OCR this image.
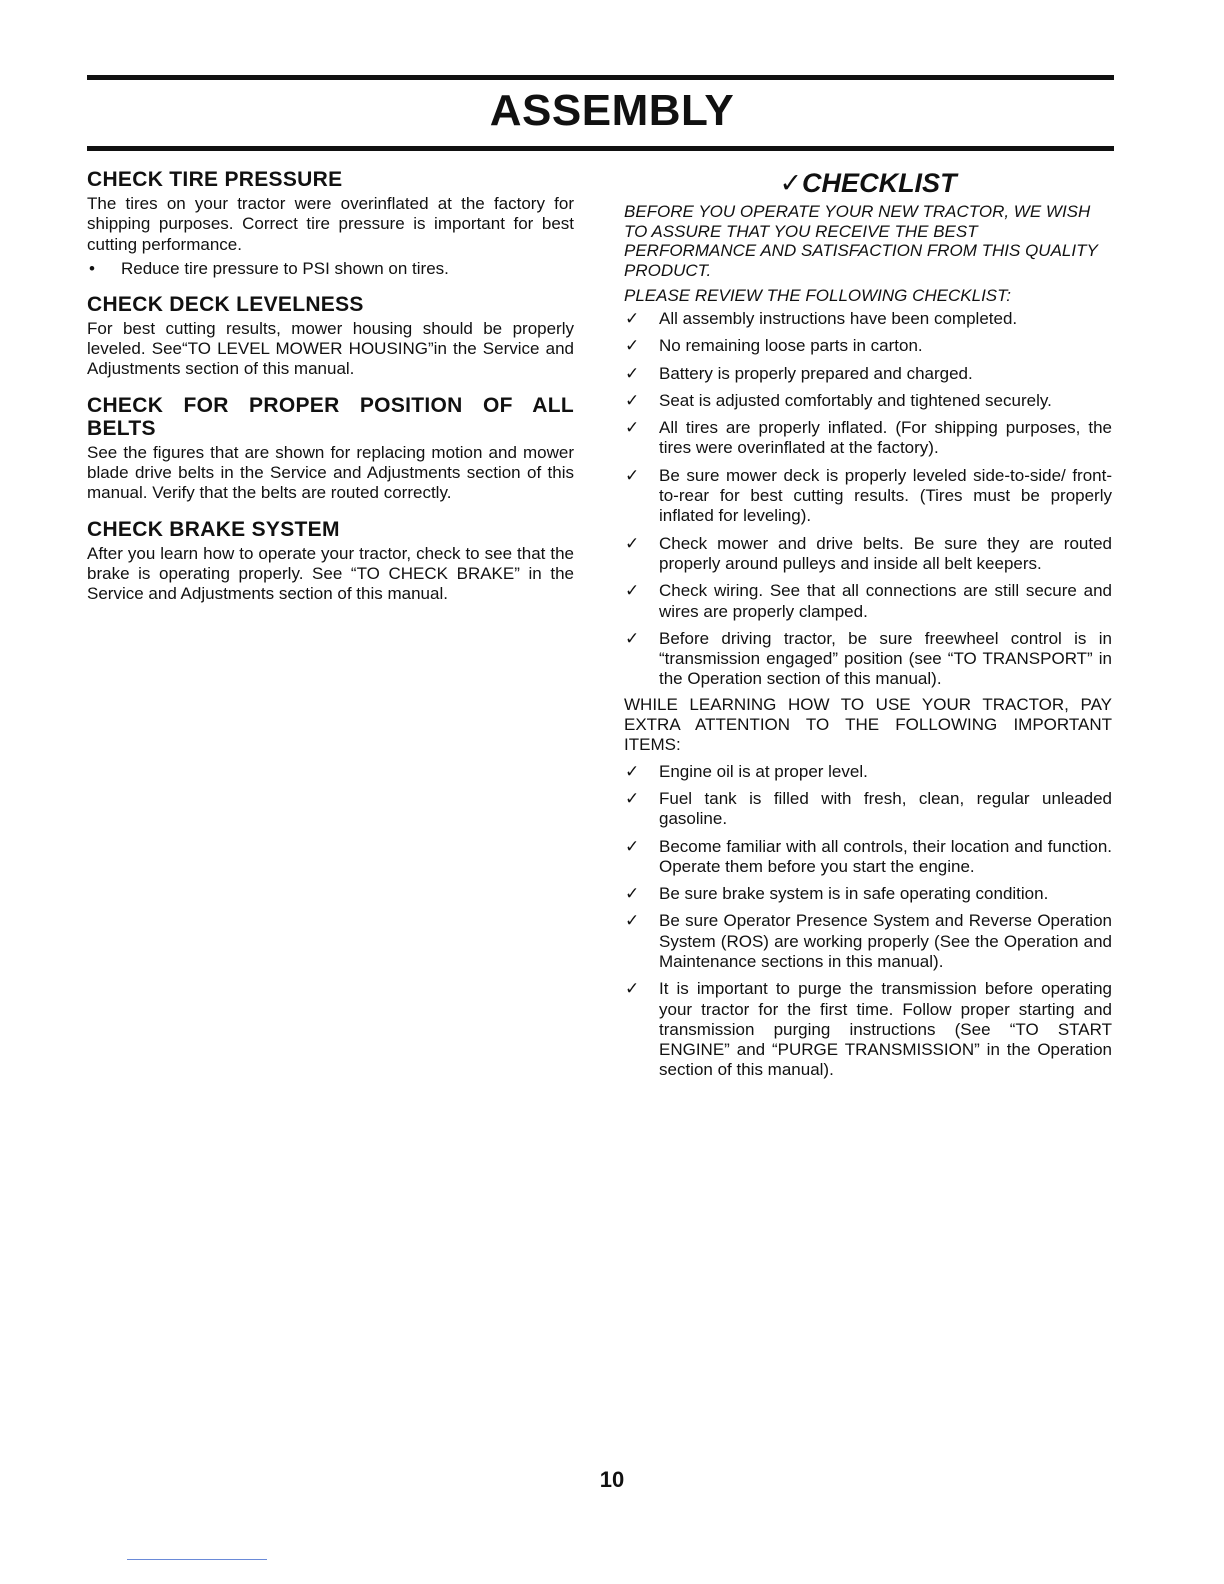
ASSEMBLY
CHECK TIRE PRESSURE

The tires on your tractor were overinflated at the factory for shipping purposes. Correct tire pressure is important for best cutting performance.

•	Reduce tire pressure to PSI shown on tires.
CHECK DECK LEVELNESS

For best cutting results, mower housing should be properly leveled. See“TO LEVEL MOWER HOUSING”in the Service and Adjustments section of this manual.

CHECK FOR PROPER POSITION OF ALL BELTS

See the figures that are shown for replacing motion and mower blade drive belts in the Service and Adjustments section of this manual. Verify that the belts are routed correctly.

CHECK BRAKE SYSTEM

After you learn how to operate your tractor, check to see that the brake is operating properly. See “TO CHECK BRAKE” in the Service and Adjustments section of this manual.

✓CHECKLIST

BEFORE YOU OPERATE YOUR NEW TRACTOR, WE WISH TO ASSURE THAT YOU RECEIVE THE BEST PERFORMANCE AND SATISFACTION FROM THIS QUALITY PRODUCT.

PLEASE REVIEW THE FOLLOWING CHECKLIST:

✓	All assembly instructions have been completed.
✓	No remaining loose parts in carton.
✓	Battery is properly prepared and charged.
✓	Seat is adjusted comfortably and tightened securely.
✓	All tires are properly inflated. (For shipping purposes, the tires were overinflated at the factory).
✓	Be sure mower deck is properly leveled side-to-side/ front-to-rear for best cutting results. (Tires must be properly inflated for leveling).
✓	Check mower and drive belts. Be sure they are routed properly around pulleys and inside all belt keepers.
✓	Check wiring. See that all connections are still secure and wires are properly clamped.
✓	Before driving tractor, be sure freewheel control is in “transmission engaged” position (see “TO TRANSPORT” in the Operation section of this manual).

WHILE LEARNING HOW TO USE YOUR TRACTOR, PAY EXTRA ATTENTION TO THE FOLLOWING IMPORTANT ITEMS:

✓	Engine oil is at proper level.
✓	Fuel tank is filled with fresh, clean, regular unleaded gasoline.
✓	Become familiar with all controls, their location and function. Operate them before you start the engine.
✓	Be sure brake system is in safe operating condition.
✓	Be sure Operator Presence System and Reverse Operation System (ROS) are working properly (See the Operation and Maintenance sections in this manual).
✓	It is important to purge the transmission before operating your tractor for the first time. Follow proper starting and transmission purging instructions (See “TO START ENGINE” and “PURGE TRANSMISSION” in the Operation section of this manual).
10
